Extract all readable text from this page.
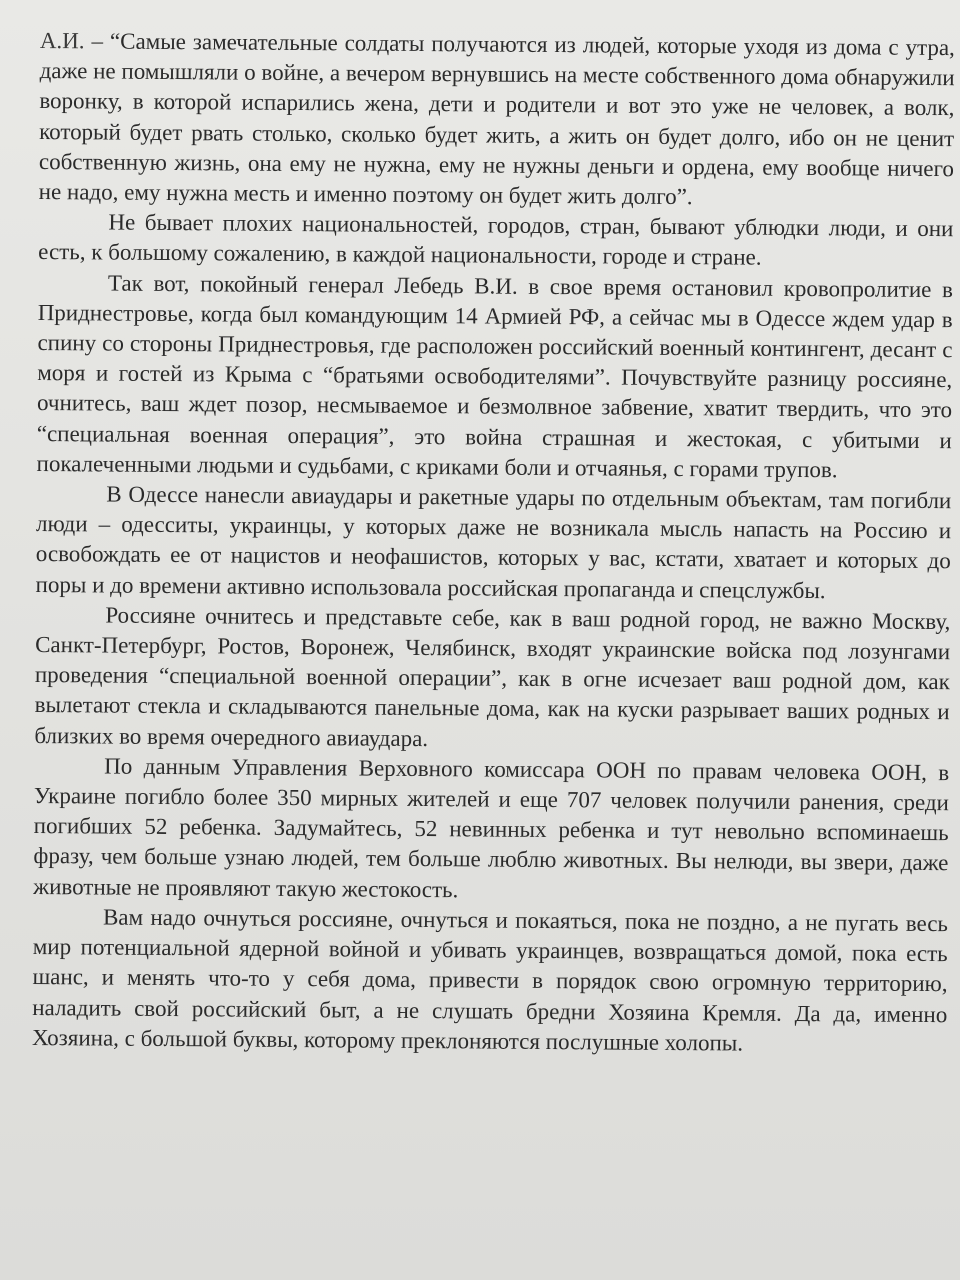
А.И. – “Самые замечательные солдаты получаются из людей, которые уходя из дома с утра, даже не помышляли о войне, а вечером вернувшись на месте собственного дома обнаружили воронку, в которой испарились жена, дети и родители и вот это уже не человек, а волк, который будет рвать столько, сколько будет жить, а жить он будет долго, ибо он не ценит собственную жизнь, она ему не нужна, ему не нужны деньги и ордена, ему вообще ничего не надо, ему нужна месть и именно поэтому он будет жить долго”.

Не бывает плохих национальностей, городов, стран, бывают ублюдки люди, и они есть, к большому сожалению, в каждой национальности, городе и стране.

Так вот, покойный генерал Лебедь В.И. в свое время остановил кровопролитие в Приднестровье, когда был командующим 14 Армией РФ, а сейчас мы в Одессе ждем удар в спину со стороны Приднестровья, где расположен российский военный контингент, десант с моря и гостей из Крыма с “братьями освободителями”. Почувствуйте разницу россияне, очнитесь, ваш ждет позор, несмываемое и безмолвное забвение, хватит твердить, что это “специальная военная операция”, это война страшная и жестокая, с убитыми и покалеченными людьми и судьбами, с криками боли и отчаянья, с горами трупов.

В Одессе нанесли авиаудары и ракетные удары по отдельным объектам, там погибли люди – одесситы, украинцы, у которых даже не возникала мысль напасть на Россию и освобождать ее от нацистов и неофашистов, которых у вас, кстати, хватает и которых до поры и до времени активно использовала российская пропаганда и спецслужбы.

Россияне очнитесь и представьте себе, как в ваш родной город, не важно Москву, Санкт-Петербург, Ростов, Воронеж, Челябинск, входят украинские войска под лозунгами проведения “специальной военной операции”, как в огне исчезает ваш родной дом, как вылетают стекла и складываются панельные дома, как на куски разрывает ваших родных и близких во время очередного авиаудара.

По данным Управления Верховного комиссара ООН по правам человека ООН, в Украине погибло более 350 мирных жителей и еще 707 человек получили ранения, среди погибших 52 ребенка. Задумайтесь, 52 невинных ребенка и тут невольно вспоминаешь фразу, чем больше узнаю людей, тем больше люблю животных. Вы нелюди, вы звери, даже животные не проявляют такую жестокость.

Вам надо очнуться россияне, очнуться и покаяться, пока не поздно, а не пугать весь мир потенциальной ядерной войной и убивать украинцев, возвращаться домой, пока есть шанс, и менять что-то у себя дома, привести в порядок свою огромную территорию, наладить свой российский быт, а не слушать бредни Хозяина Кремля. Да да, именно Хозяина, с большой буквы, которому преклоняются послушные холопы.
